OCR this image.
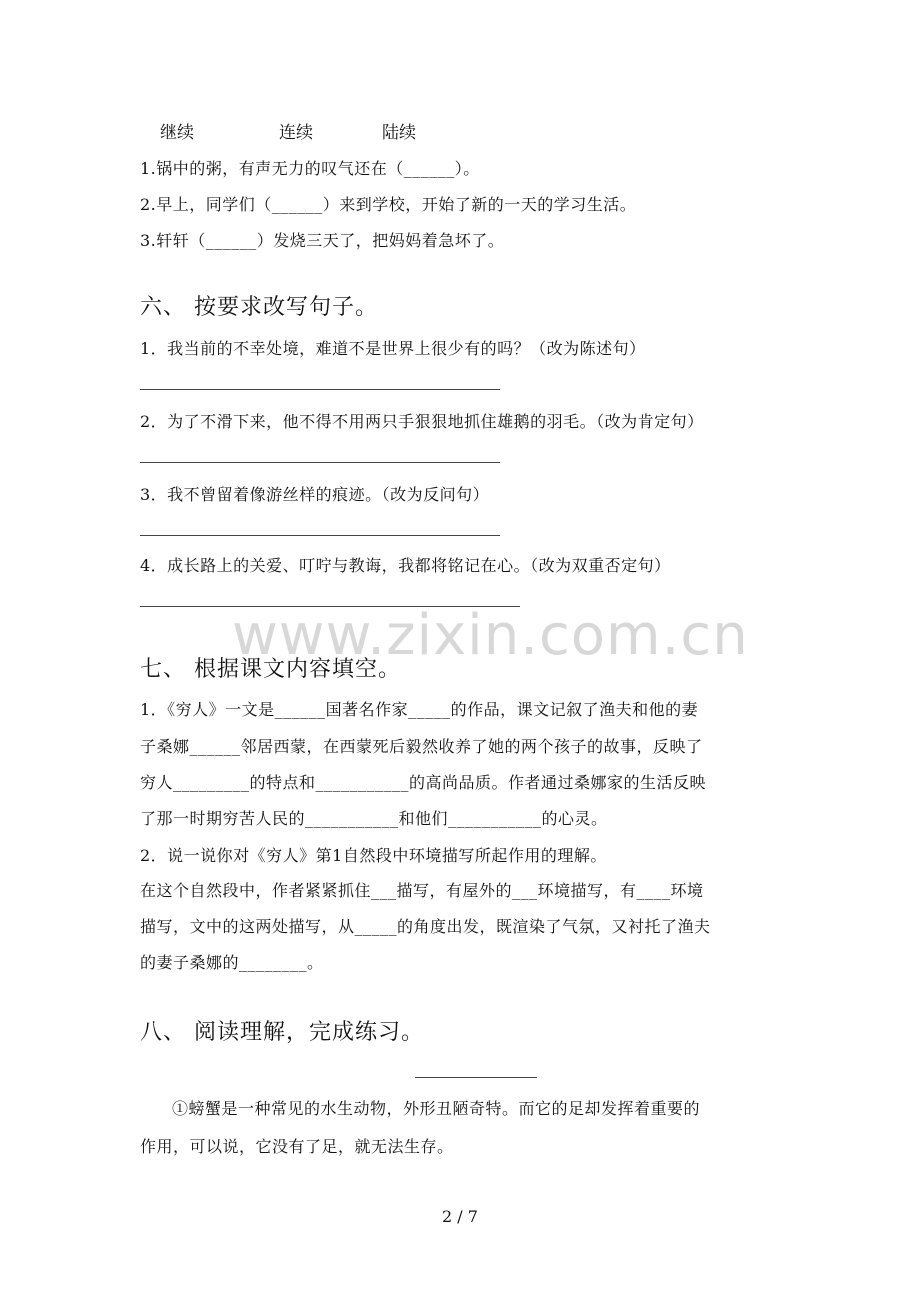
www.zixin.com.cn
继续	连续	陆续
1.锅中的粥，有声无力的叹气还在（______）。
2.早上，同学们（______）来到学校，开始了新的一天的学习生活。
3.轩轩（______）发烧三天了，把妈妈着急坏了。
六、 按要求改写句子。
1．我当前的不幸处境，难道不是世界上很少有的吗？（改为陈述句）
2．为了不滑下来，他不得不用两只手狠狠地抓住雄鹅的羽毛。（改为肯定句）
3．我不曾留着像游丝样的痕迹。（改为反问句）
4．成长路上的关爱、叮咛与教诲，我都将铭记在心。（改为双重否定句）
七、 根据课文内容填空。
1．《穷人》一文是______国著名作家_____的作品，课文记叙了渔夫和他的妻
子桑娜______邻居西蒙，在西蒙死后毅然收养了她的两个孩子的故事，反映了
穷人_________的特点和___________的高尚品质。作者通过桑娜家的生活反映
了那一时期穷苦人民的___________和他们___________的心灵。
2．说一说你对《穷人》第1自然段中环境描写所起作用的理解。
在这个自然段中，作者紧紧抓住___描写，有屋外的___环境描写，有____环境
描写，文中的这两处描写，从_____的角度出发，既渲染了气氛，又衬托了渔夫
的妻子桑娜的________。
八、 阅读理解，完成练习。
①螃蟹是一种常见的水生动物，外形丑陋奇特。而它的足却发挥着重要的
作用，可以说，它没有了足，就无法生存。
2 / 7
